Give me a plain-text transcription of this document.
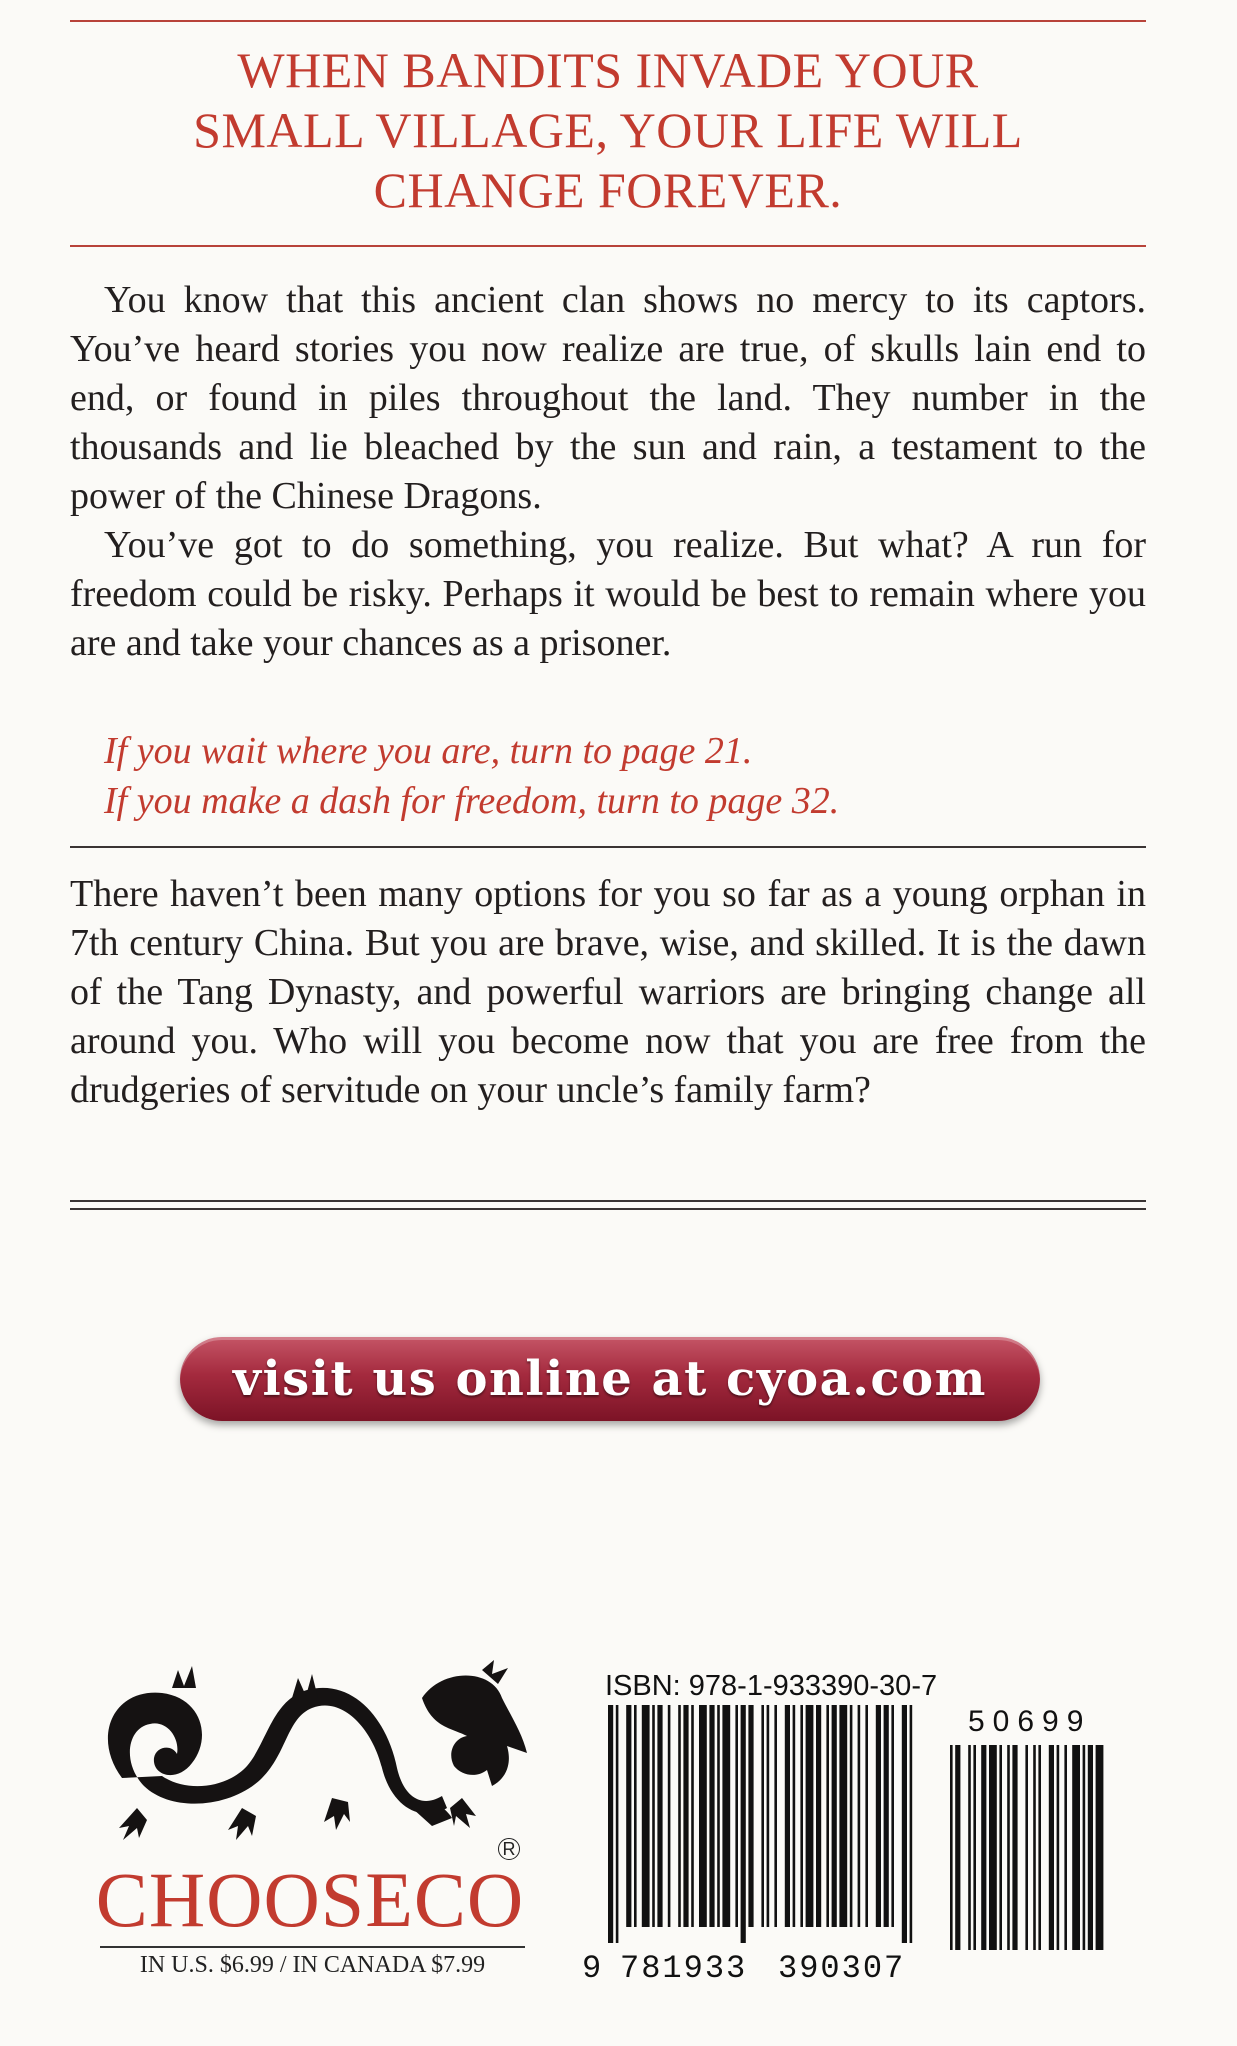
WHEN BANDITS INVADE YOUR
SMALL VILLAGE, YOUR LIFE WILL
CHANGE FOREVER.

You know that this ancient clan shows no mercy to its captors. You’ve heard stories you now realize are true, of skulls lain end to end, or found in piles throughout the land. They number in the thousands and lie bleached by the sun and rain, a testament to the power of the Chinese Dragons.

You’ve got to do something, you realize. But what? A run for freedom could be risky. Perhaps it would be best to remain where you are and take your chances as a prisoner.

If you wait where you are, turn to page 21.
If you make a dash for freedom, turn to page 32.

There haven’t been many options for you so far as a young orphan in 7th century China. But you are brave, wise, and skilled. It is the dawn of the Tang Dynasty, and powerful warriors are bringing change all around you. Who will you become now that you are free from the drudgeries of servitude on your uncle’s family farm?

visit us online at cyoa.com
CHOOSECO
R
IN U.S. $6.99 / IN CANADA $7.99
ISBN: 978-1-933390-30-7
50699
9 781933 390307
